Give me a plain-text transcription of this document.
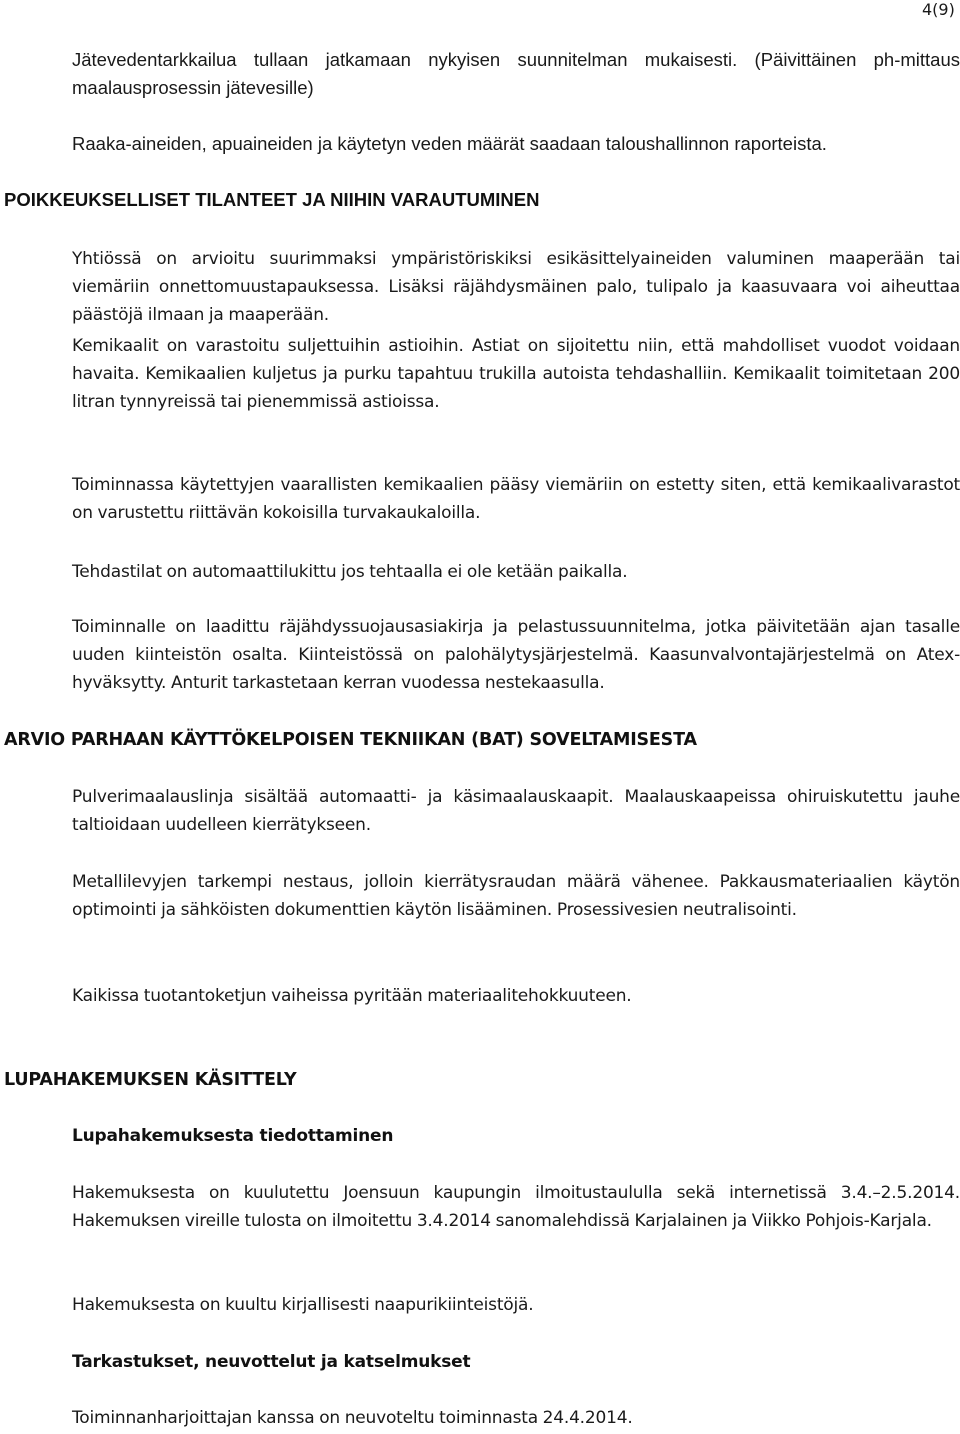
4(9)

Jätevedentarkkailua tullaan jatkamaan nykyisen suunnitelman mukaisesti. (Päivittäinen ph-mittaus maalausprosessin jätevesille)

Raaka-aineiden, apuaineiden ja käytetyn veden määrät saadaan taloushallinnon raporteista.

POIKKEUKSELLISET TILANTEET JA NIIHIN VARAUTUMINEN

Yhtiössä on arvioitu suurimmaksi ympäristöriskiksi esikäsittelyaineiden valuminen maaperään tai viemäriin onnettomuustapauksessa. Lisäksi räjähdysmäinen palo, tulipalo ja kaasuvaara voi aiheuttaa päästöjä ilmaan ja maaperään.

Kemikaalit on varastoitu suljettuihin astioihin. Astiat on sijoitettu niin, että mahdolliset vuodot voidaan havaita. Kemikaalien kuljetus ja purku tapahtuu trukilla autoista tehdashalliin. Kemikaalit toimitetaan 200 litran tynnyreissä tai pienemmissä astioissa.

Toiminnassa käytettyjen vaarallisten kemikaalien pääsy viemäriin on estetty siten, että kemikaalivarastot on varustettu riittävän kokoisilla turvakaukaloilla.

Tehdastilat on automaattilukittu jos tehtaalla ei ole ketään paikalla.

Toiminnalle on laadittu räjähdyssuojausasiakirja ja pelastussuunnitelma, jotka päivitetään ajan tasalle uuden kiinteistön osalta. Kiinteistössä on palohälytysjärjestelmä. Kaasunvalvontajärjestelmä on Atex-hyväksytty. Anturit tarkastetaan kerran vuodessa nestekaasulla.

ARVIO PARHAAN KÄYTTÖKELPOISEN TEKNIIKAN (BAT) SOVELTAMISESTA

Pulverimaalauslinja sisältää automaatti- ja käsimaalauskaapit. Maalauskaapeissa ohiruiskutettu jauhe taltioidaan uudelleen kierrätykseen.

Metallilevyjen tarkempi nestaus, jolloin kierrätysraudan määrä vähenee. Pakkausmateriaalien käytön optimointi ja sähköisten dokumenttien käytön lisääminen. Prosessivesien neutralisointi.

Kaikissa tuotantoketjun vaiheissa pyritään materiaalitehokkuuteen.

LUPAHAKEMUKSEN KÄSITTELY
Lupahakemuksesta tiedottaminen

Hakemuksesta on kuulutettu Joensuun kaupungin ilmoitustaululla sekä internetissä 3.4.–2.5.2014. Hakemuksen vireille tulosta on ilmoitettu 3.4.2014 sanomalehdissä Karjalainen ja Viikko Pohjois-Karjala.

Hakemuksesta on kuultu kirjallisesti naapurikiinteistöjä.

Tarkastukset, neuvottelut ja katselmukset

Toiminnanharjoittajan kanssa on neuvoteltu toiminnasta 24.4.2014.
